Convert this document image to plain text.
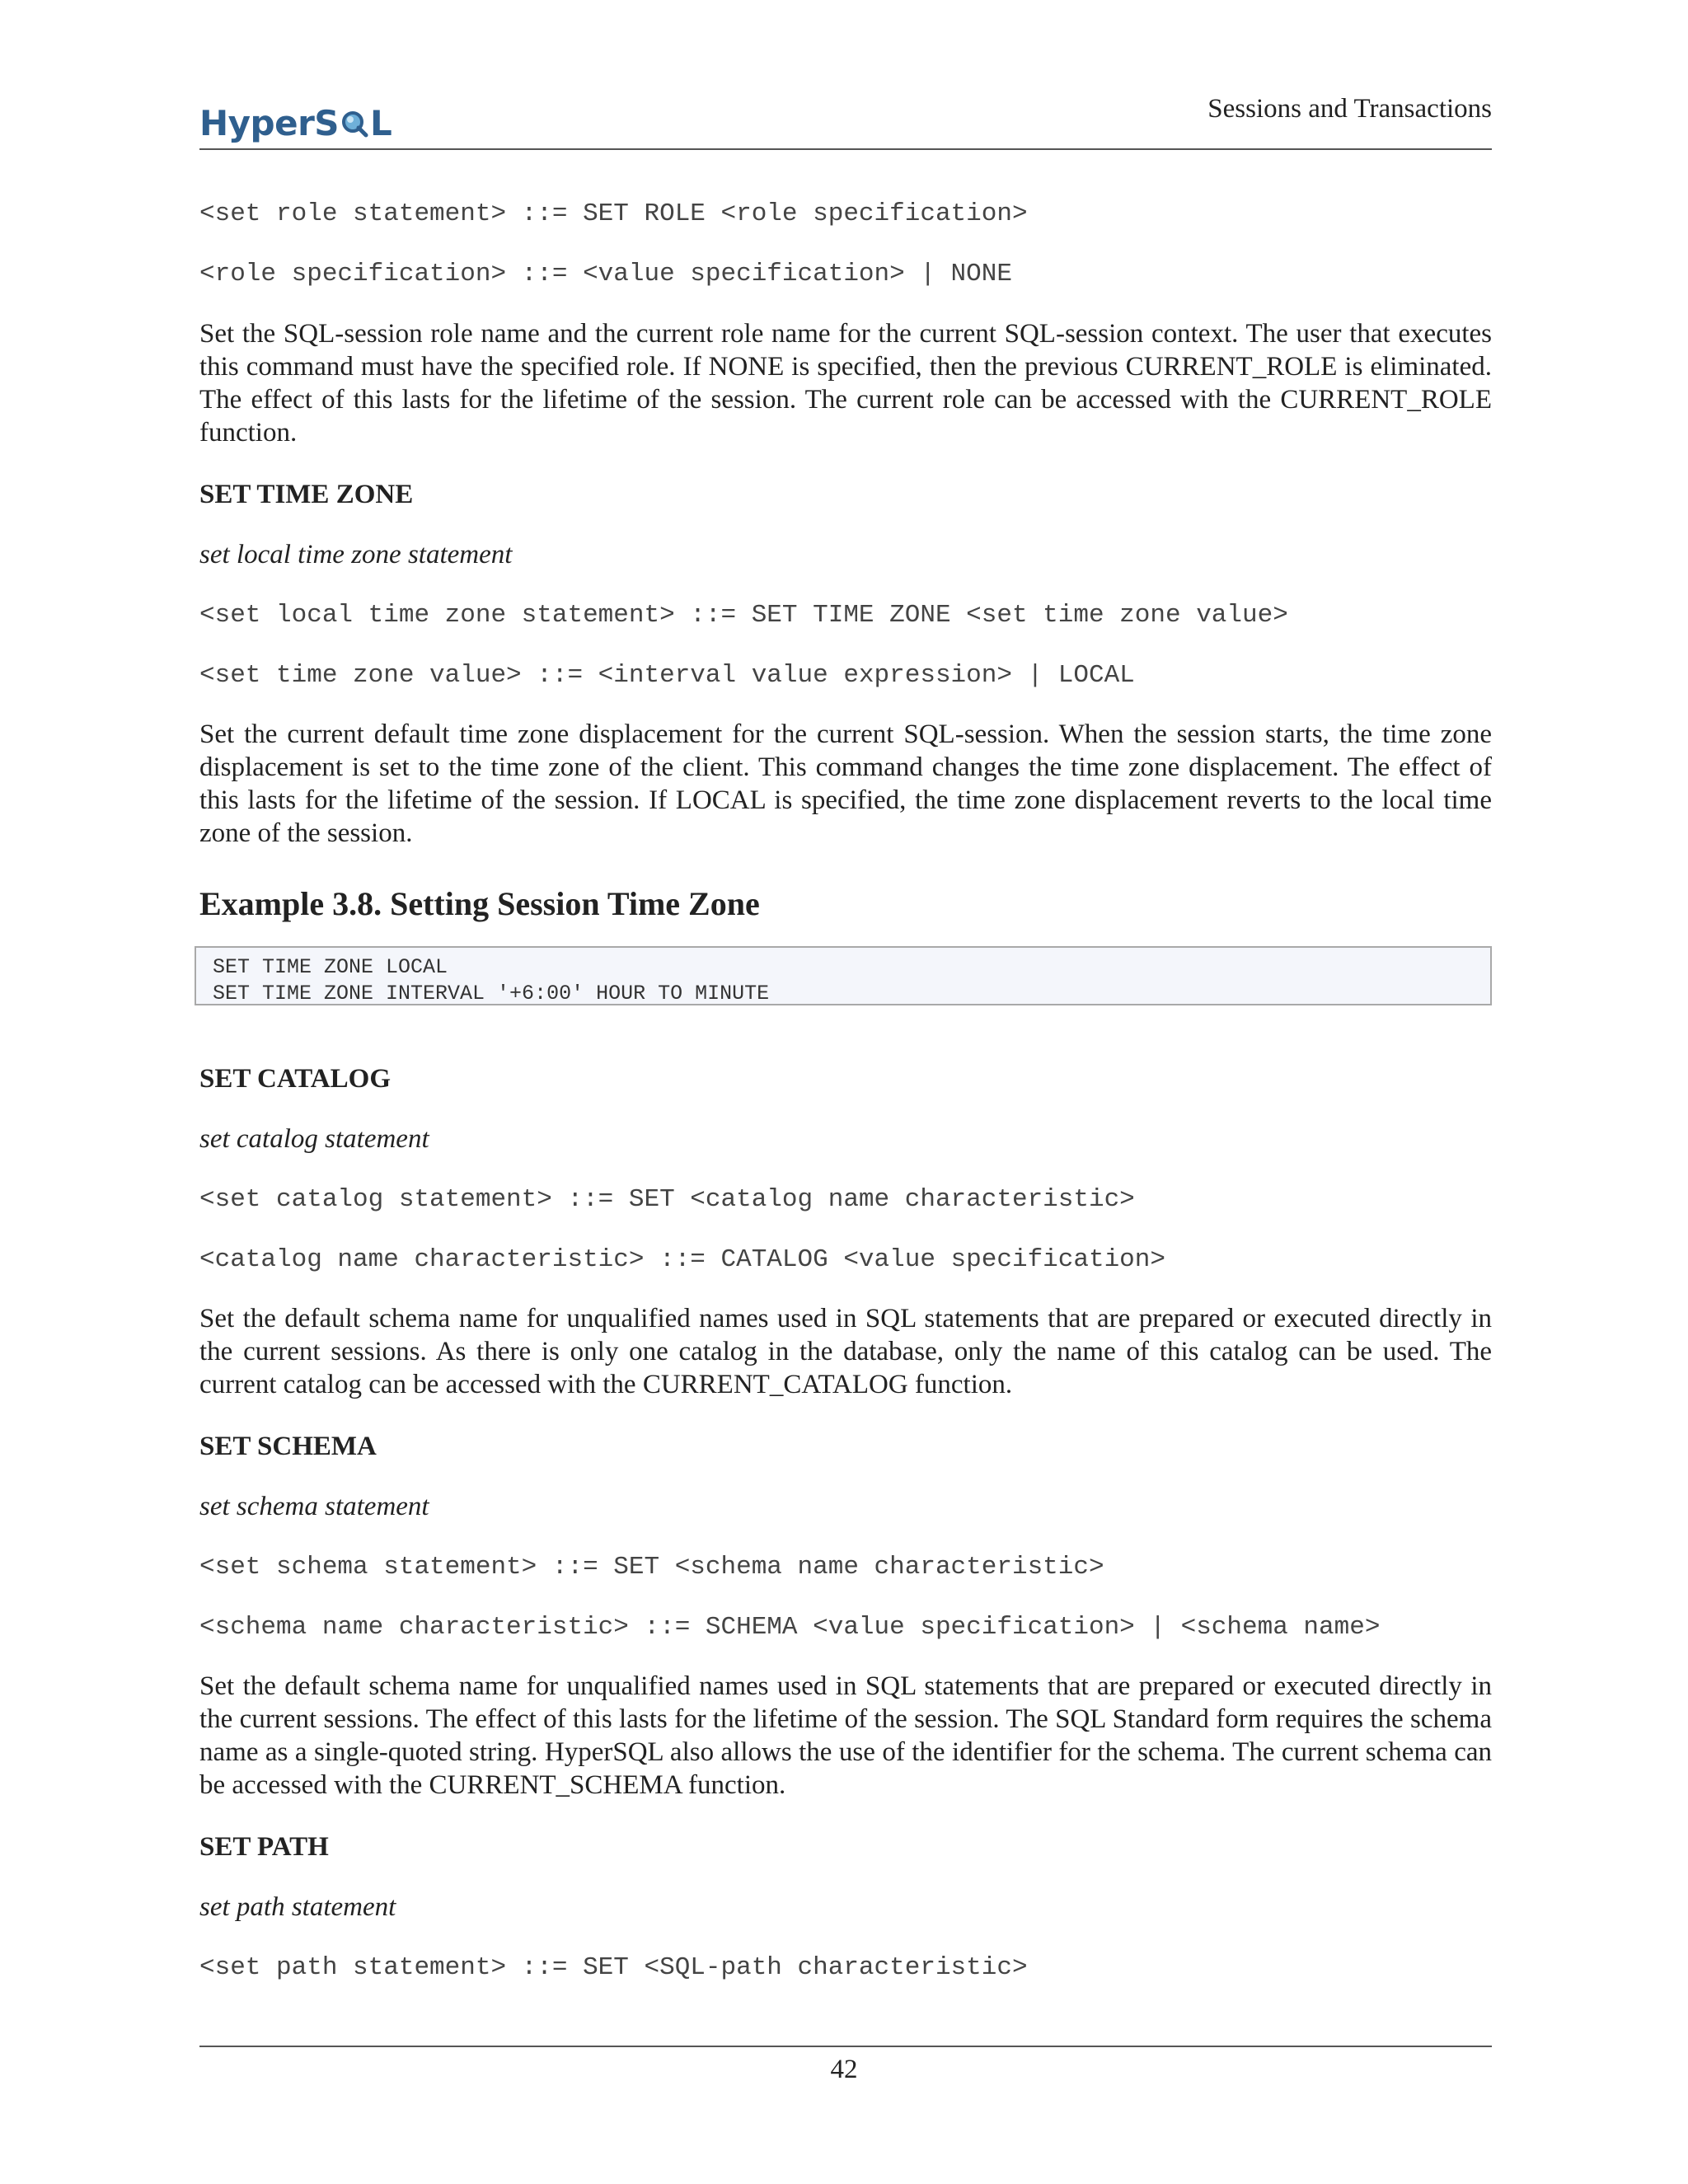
HyperS L	Sessions and Transactions
<set role statement> ::= SET ROLE <role specification>
<role specification> ::= <value specification> | NONE
Set the SQL-session role name and the current role name for the current SQL-session context. The user that executes this command must have the specified role. If NONE is specified, then the previous CURRENT_ROLE is eliminated. The effect of this lasts for the lifetime of the session. The current role can be accessed with the CURRENT_ROLE function.
SET TIME ZONE
set local time zone statement
<set local time zone statement> ::= SET TIME ZONE <set time zone value>
<set time zone value> ::= <interval value expression> | LOCAL
Set the current default time zone displacement for the current SQL-session. When the session starts, the time zone displacement is set to the time zone of the client. This command changes the time zone displacement. The effect of this lasts for the lifetime of the session. If LOCAL is specified, the time zone displacement reverts to the local time zone of the session.
Example 3.8. Setting Session Time Zone
SET TIME ZONE LOCAL
SET TIME ZONE INTERVAL '+6:00' HOUR TO MINUTE
SET CATALOG
set catalog statement
<set catalog statement> ::= SET <catalog name characteristic>
<catalog name characteristic> ::= CATALOG <value specification>
Set the default schema name for unqualified names used in SQL statements that are prepared or executed directly in the current sessions. As there is only one catalog in the database, only the name of this catalog can be used. The current catalog can be accessed with the CURRENT_CATALOG function.
SET SCHEMA
set schema statement
<set schema statement> ::= SET <schema name characteristic>
<schema name characteristic> ::= SCHEMA <value specification> | <schema name>
Set the default schema name for unqualified names used in SQL statements that are prepared or executed directly in the current sessions. The effect of this lasts for the lifetime of the session. The SQL Standard form requires the schema name as a single-quoted string. HyperSQL also allows the use of the identifier for the schema. The current schema can be accessed with the CURRENT_SCHEMA function.
SET PATH
set path statement
<set path statement> ::= SET <SQL-path characteristic>
42
